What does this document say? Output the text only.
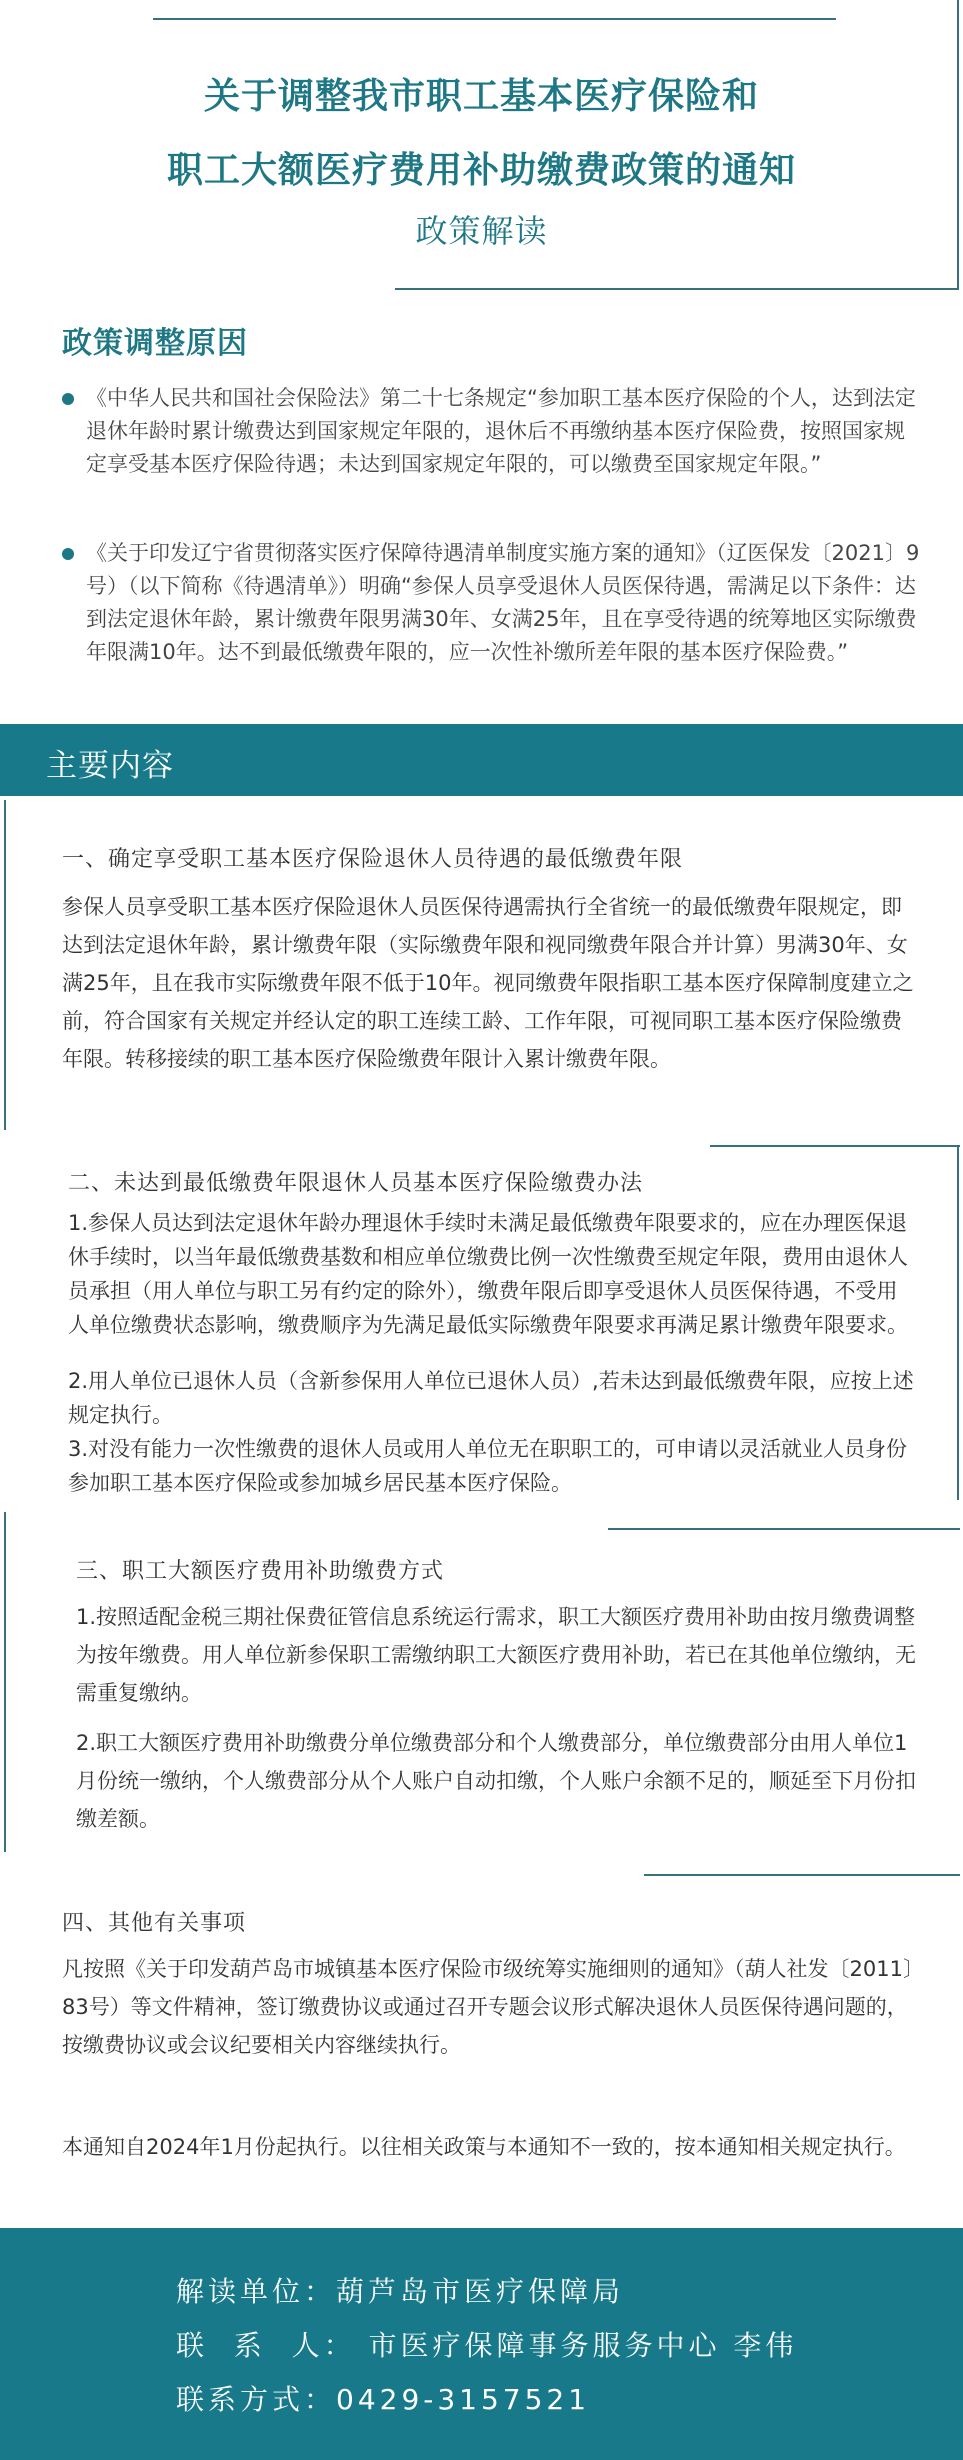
关于调整我市职工基本医疗保险和
职工大额医疗费用补助缴费政策的通知
政策解读
政策调整原因
《中华人民共和国社会保险法》第二十七条规定“参加职工基本医疗保险的个人，达到法定退休年龄时累计缴费达到国家规定年限的，退休后不再缴纳基本医疗保险费，按照国家规定享受基本医疗保险待遇；未达到国家规定年限的，可以缴费至国家规定年限。”
《关于印发辽宁省贯彻落实医疗保障待遇清单制度实施方案的通知》（辽医保发〔2021〕9号）（以下简称《待遇清单》）明确“参保人员享受退休人员医保待遇，需满足以下条件：达到法定退休年龄，累计缴费年限男满30年、女满25年，且在享受待遇的统筹地区实际缴费年限满10年。达不到最低缴费年限的，应一次性补缴所差年限的基本医疗保险费。”
主要内容
一、确定享受职工基本医疗保险退休人员待遇的最低缴费年限
参保人员享受职工基本医疗保险退休人员医保待遇需执行全省统一的最低缴费年限规定，即达到法定退休年龄，累计缴费年限（实际缴费年限和视同缴费年限合并计算）男满30年、女满25年，且在我市实际缴费年限不低于10年。视同缴费年限指职工基本医疗保障制度建立之前，符合国家有关规定并经认定的职工连续工龄、工作年限，可视同职工基本医疗保险缴费年限。转移接续的职工基本医疗保险缴费年限计入累计缴费年限。
二、未达到最低缴费年限退休人员基本医疗保险缴费办法
1.参保人员达到法定退休年龄办理退休手续时未满足最低缴费年限要求的，应在办理医保退休手续时，以当年最低缴费基数和相应单位缴费比例一次性缴费至规定年限，费用由退休人员承担（用人单位与职工另有约定的除外），缴费年限后即享受退休人员医保待遇，不受用人单位缴费状态影响，缴费顺序为先满足最低实际缴费年限要求再满足累计缴费年限要求。
2.用人单位已退休人员（含新参保用人单位已退休人员）,若未达到最低缴费年限，应按上述规定执行。
3.对没有能力一次性缴费的退休人员或用人单位无在职职工的，可申请以灵活就业人员身份参加职工基本医疗保险或参加城乡居民基本医疗保险。
三、职工大额医疗费用补助缴费方式
1.按照适配金税三期社保费征管信息系统运行需求，职工大额医疗费用补助由按月缴费调整为按年缴费。用人单位新参保职工需缴纳职工大额医疗费用补助，若已在其他单位缴纳，无需重复缴纳。
2.职工大额医疗费用补助缴费分单位缴费部分和个人缴费部分，单位缴费部分由用人单位1月份统一缴纳，个人缴费部分从个人账户自动扣缴，个人账户余额不足的，顺延至下月份扣缴差额。
四、其他有关事项
凡按照《关于印发葫芦岛市城镇基本医疗保险市级统筹实施细则的通知》（葫人社发〔2011〕83号）等文件精神，签订缴费协议或通过召开专题会议形式解决退休人员医保待遇问题的，按缴费协议或会议纪要相关内容继续执行。
本通知自2024年1月份起执行。以往相关政策与本通知不一致的，按本通知相关规定执行。
解读单位：葫芦岛市医疗保障局
联  系  人： 市医疗保障事务服务中心 李伟
联系方式：0429-3157521
